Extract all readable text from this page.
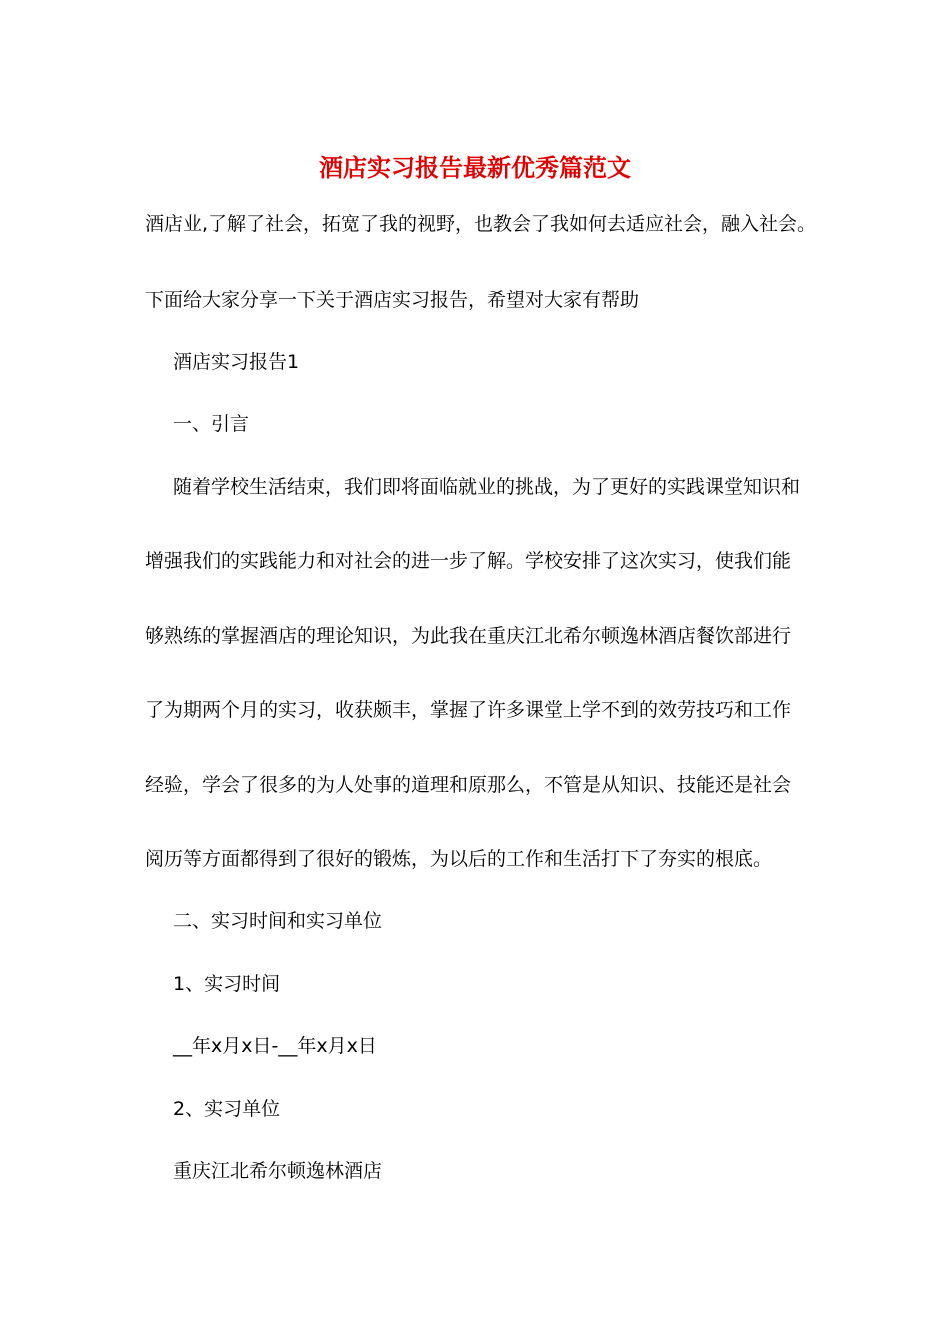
酒店实习报告最新优秀篇范文

酒店业,了解了社会，拓宽了我的视野，也教会了我如何去适应社会，融入社会。

下面给大家分享一下关于酒店实习报告，希望对大家有帮助

酒店实习报告1

一、引言

随着学校生活结束，我们即将面临就业的挑战，为了更好的实践课堂知识和

增强我们的实践能力和对社会的进一步了解。学校安排了这次实习，使我们能

够熟练的掌握酒店的理论知识，为此我在重庆江北希尔顿逸林酒店餐饮部进行

了为期两个月的实习，收获颇丰，掌握了许多课堂上学不到的效劳技巧和工作

经验，学会了很多的为人处事的道理和原那么，不管是从知识、技能还是社会

阅历等方面都得到了很好的锻炼，为以后的工作和生活打下了夯实的根底。

二、实习时间和实习单位

1、实习时间

__年x月x日-__年x月x日

2、实习单位

重庆江北希尔顿逸林酒店
